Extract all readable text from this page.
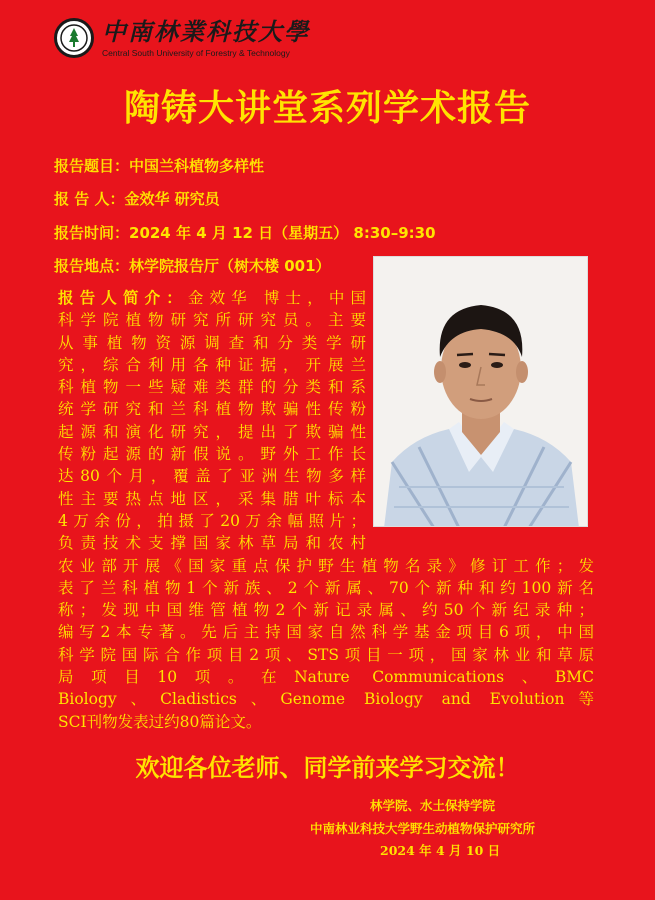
中南林業科技大學
Central South University of Forestry & Technology
陶铸大讲堂系列学术报告
报告题目：中国兰科植物多样性
报 告 人：金效华 研究员
报告时间：2024 年 4 月 12 日（星期五） 8:30–9:30
报告地点：林学院报告厅（树木楼 001）
报告人简介：金效华 博士，中国
科学院植物研究所研究员。主要
从事植物资源调查和分类学研
究，综合利用各种证据，开展兰
科植物一些疑难类群的分类和系
统学研究和兰科植物欺骗性传粉
起源和演化研究，提出了欺骗性
传粉起源的新假说。野外工作长
达80个月，覆盖了亚洲生物多样
性主要热点地区，采集腊叶标本
4万余份，拍摄了20万余幅照片；
负责技术支撑国家林草局和农村
农业部开展《国家重点保护野生植物名录》修订工作；发
表了兰科植物1个新族、2个新属、70个新种和约100新名
称；发现中国维管植物2个新记录属、约50个新纪录种；
编写2本专著。先后主持国家自然科学基金项目6项，中国
科学院国际合作项目2项、STS项目一项，国家林业和草原
局项目10项。在Nature Communications、BMC
Biology、Cladistics、Genome Biology and Evolution等
SCI刊物发表过约80篇论文。
欢迎各位老师、同学前来学习交流！
林学院、水土保持学院
中南林业科技大学野生动植物保护研究所
2024 年 4 月 10 日
